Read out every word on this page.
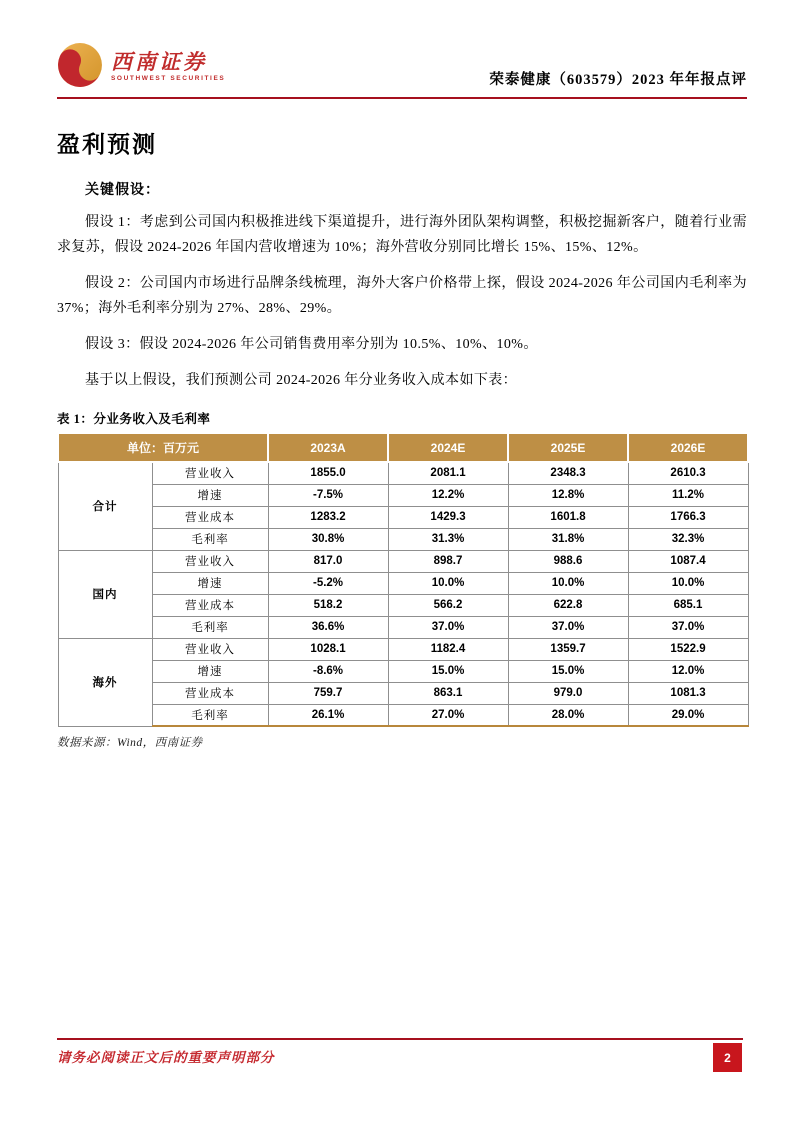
西南证券
SOUTHWEST SECURITIES	荣泰健康（603579）2023 年年报点评
盈利预测
关键假设：

假设 1：考虑到公司国内积极推进线下渠道提升，进行海外团队架构调整，积极挖掘新客户，随着行业需求复苏，假设 2024-2026 年国内营收增速为 10%；海外营收分别同比增长 15%、15%、12%。

假设 2：公司国内市场进行品牌条线梳理，海外大客户价格带上探，假设 2024-2026 年公司国内毛利率为 37%；海外毛利率分别为 27%、28%、29%。

假设 3：假设 2024-2026 年公司销售费用率分别为 10.5%、10%、10%。

基于以上假设，我们预测公司 2024-2026 年分业务收入成本如下表：

表 1：分业务收入及毛利率
单位：百万元		2023A	2024E	2025E	2026E
合计	营业收入	1855.0	2081.1	2348.3	2610.3
	增速	-7.5%	12.2%	12.8%	11.2%
	营业成本	1283.2	1429.3	1601.8	1766.3
	毛利率	30.8%	31.3%	31.8%	32.3%
国内	营业收入	817.0	898.7	988.6	1087.4
	增速	-5.2%	10.0%	10.0%	10.0%
	营业成本	518.2	566.2	622.8	685.1
	毛利率	36.6%	37.0%	37.0%	37.0%
海外	营业收入	1028.1	1182.4	1359.7	1522.9
	增速	-8.6%	15.0%	15.0%	12.0%
	营业成本	759.7	863.1	979.0	1081.3
	毛利率	26.1%	27.0%	28.0%	29.0%
数据来源：Wind，西南证券
请务必阅读正文后的重要声明部分	2
